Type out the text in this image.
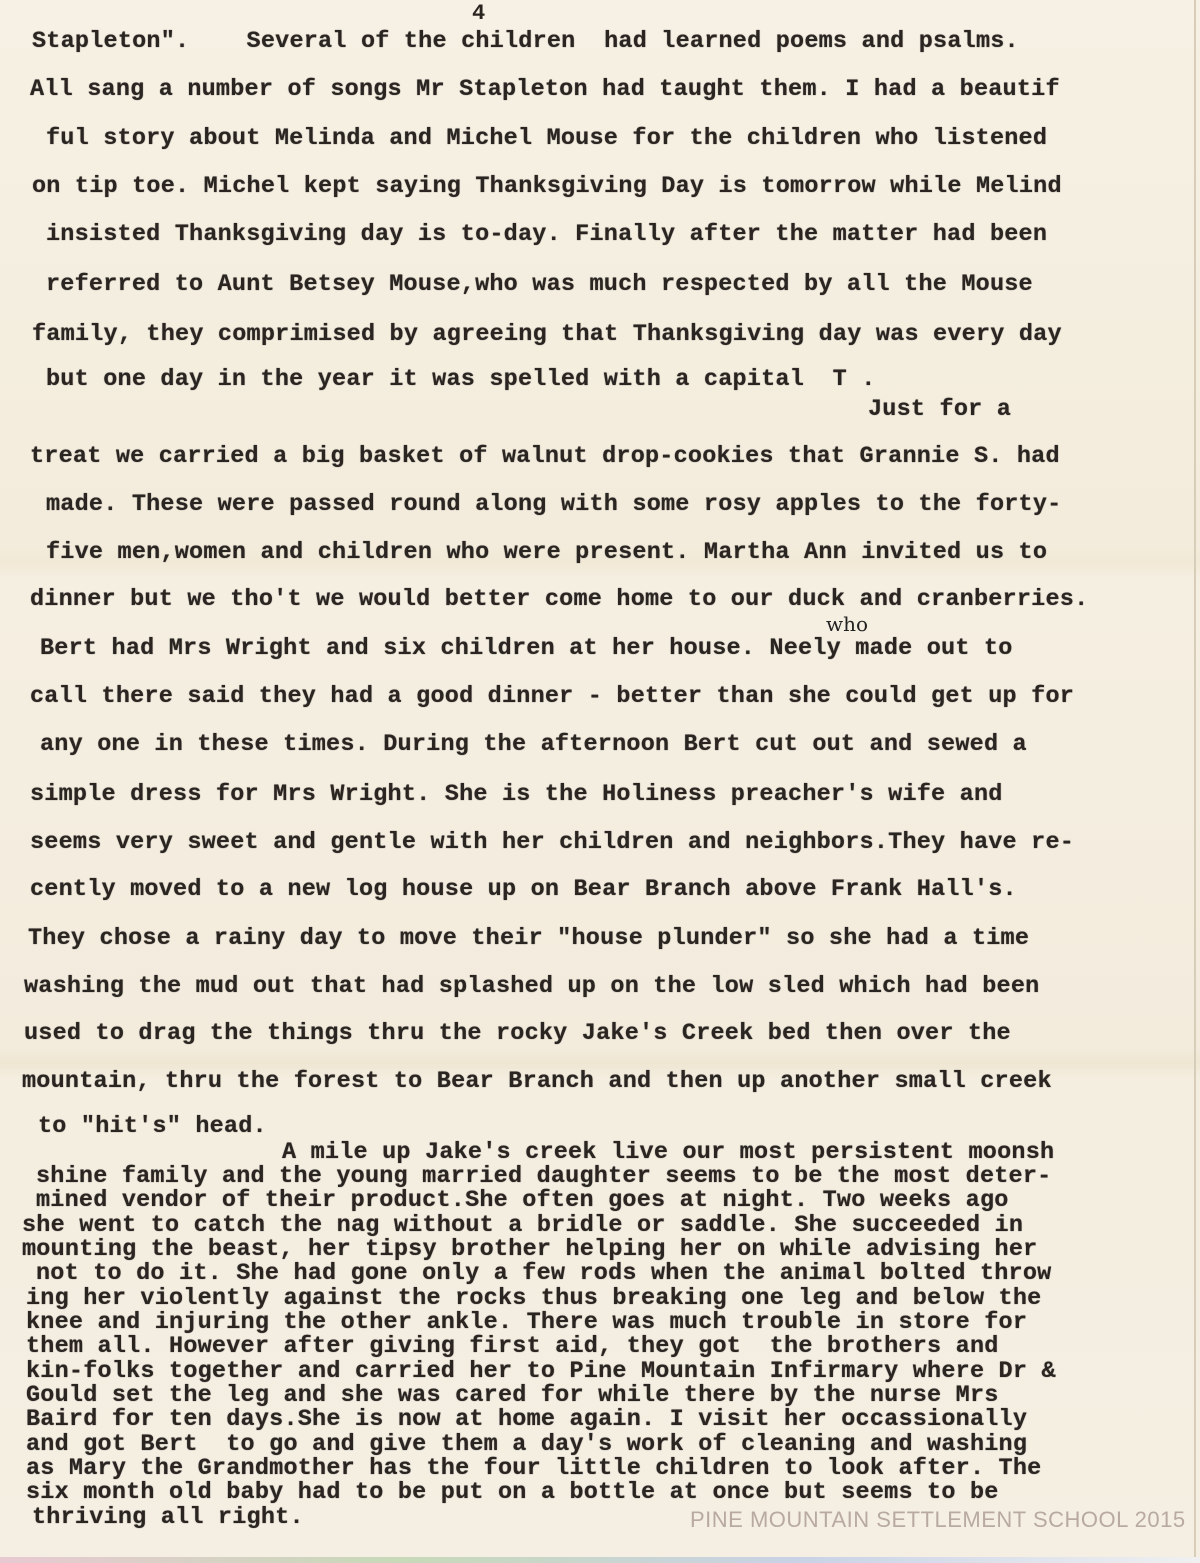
4
Stapleton".    Several of the children  had learned poems and psalms.
All sang a number of songs Mr Stapleton had taught them. I had a beautif
ful story about Melinda and Michel Mouse for the children who listened
on tip toe. Michel kept saying Thanksgiving Day is tomorrow while Melind
insisted Thanksgiving day is to-day. Finally after the matter had been
referred to Aunt Betsey Mouse,who was much respected by all the Mouse
family, they comprimised by agreeing that Thanksgiving day was every day
but one day in the year it was spelled with a capital  T .
Just for a
treat we carried a big basket of walnut drop-cookies that Grannie S. had
made. These were passed round along with some rosy apples to the forty-
five men,women and children who were present. Martha Ann invited us to
dinner but we tho't we would better come home to our duck and cranberries.
who
Bert had Mrs Wright and six children at her house. Neely made out to
call there said they had a good dinner - better than she could get up for
any one in these times. During the afternoon Bert cut out and sewed a
simple dress for Mrs Wright. She is the Holiness preacher's wife and
seems very sweet and gentle with her children and neighbors.They have re-
cently moved to a new log house up on Bear Branch above Frank Hall's.
They chose a rainy day to move their "house plunder" so she had a time
washing the mud out that had splashed up on the low sled which had been
used to drag the things thru the rocky Jake's Creek bed then over the
mountain, thru the forest to Bear Branch and then up another small creek
to "hit's" head.
A mile up Jake's creek live our most persistent moonsh
shine family and the young married daughter seems to be the most deter-
mined vendor of their product.She often goes at night. Two weeks ago
she went to catch the nag without a bridle or saddle. She succeeded in
mounting the beast, her tipsy brother helping her on while advising her
not to do it. She had gone only a few rods when the animal bolted throw
ing her violently against the rocks thus breaking one leg and below the
knee and injuring the other ankle. There was much trouble in store for
them all. However after giving first aid, they got  the brothers and
kin-folks together and carried her to Pine Mountain Infirmary where Dr &
Gould set the leg and she was cared for while there by the nurse Mrs
Baird for ten days.She is now at home again. I visit her occassionally
and got Bert  to go and give them a day's work of cleaning and washing
as Mary the Grandmother has the four little children to look after. The
six month old baby had to be put on a bottle at once but seems to be
thriving all right.	PINE MOUNTAIN SETTLEMENT SCHOOL 2015
